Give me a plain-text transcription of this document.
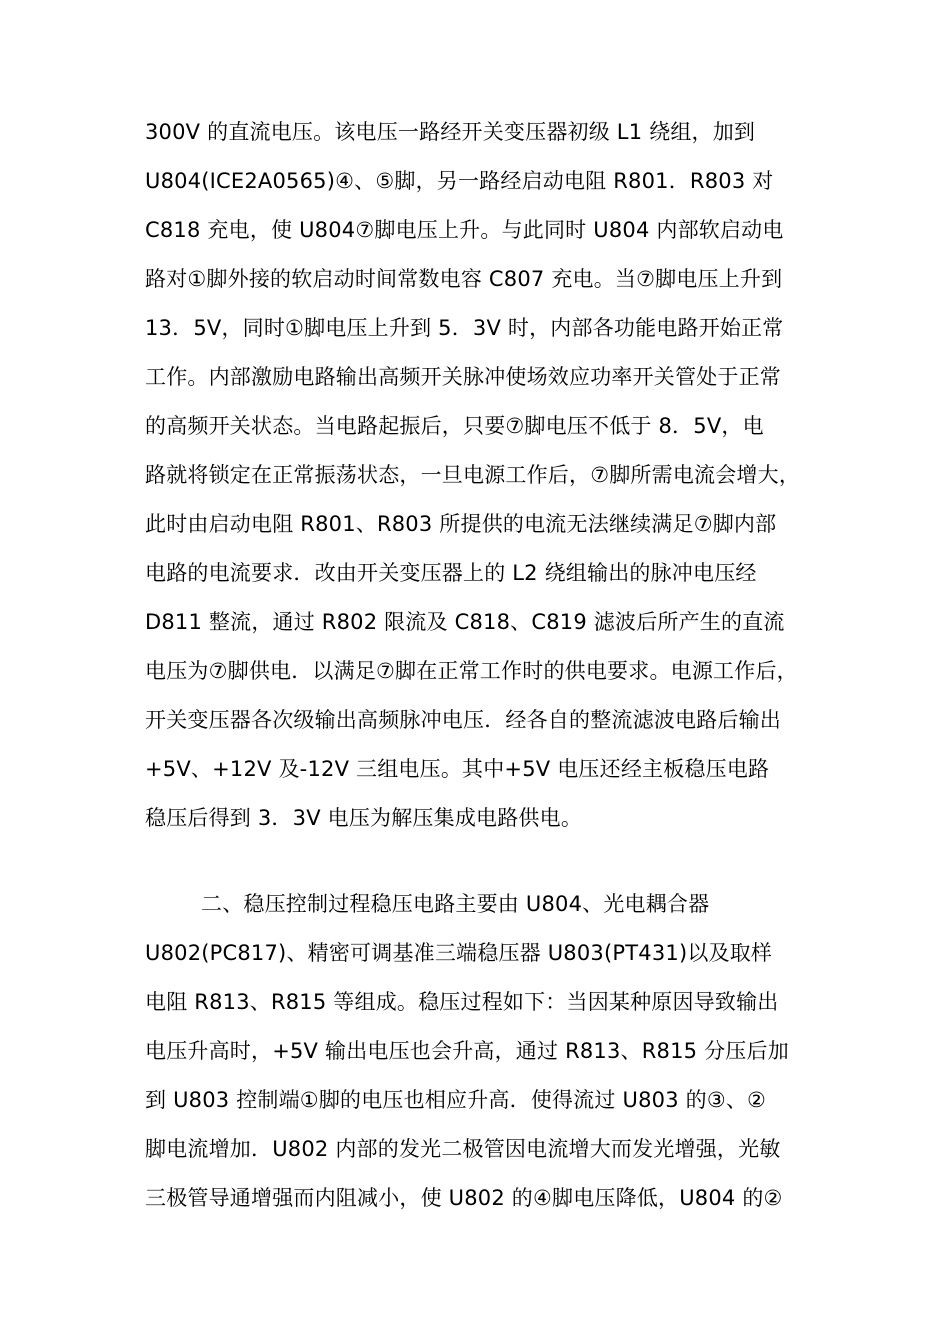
300V 的直流电压。该电压一路经开关变压器初级 L1 绕组，加到
U804(ICE2A0565)④、⑤脚，另一路经启动电阻 R801．R803 对
C818 充电，使 U804⑦脚电压上升。与此同时 U804 内部软启动电
路对①脚外接的软启动时间常数电容 C807 充电。当⑦脚电压上升到
13．5V，同时①脚电压上升到 5．3V 时，内部各功能电路开始正常
工作。内部激励电路输出高频开关脉冲使场效应功率开关管处于正常
的高频开关状态。当电路起振后，只要⑦脚电压不低于 8．5V，电
路就将锁定在正常振荡状态，一旦电源工作后，⑦脚所需电流会增大，
此时由启动电阻 R801、R803 所提供的电流无法继续满足⑦脚内部
电路的电流要求．改由开关变压器上的 L2 绕组输出的脉冲电压经
D811 整流，通过 R802 限流及 C818、C819 滤波后所产生的直流
电压为⑦脚供电．以满足⑦脚在正常工作时的供电要求。电源工作后，
开关变压器各次级输出高频脉冲电压．经各自的整流滤波电路后输出
+5V、+12V 及-12V 三组电压。其中+5V 电压还经主板稳压电路
稳压后得到 3．3V 电压为解压集成电路供电。
二、稳压控制过程稳压电路主要由 U804、光电耦合器
U802(PC817)、精密可调基准三端稳压器 U803(PT431)以及取样
电阻 R813、R815 等组成。稳压过程如下：当因某种原因导致输出
电压升高时，+5V 输出电压也会升高，通过 R813、R815 分压后加
到 U803 控制端①脚的电压也相应升高．使得流过 U803 的③、②
脚电流增加．U802 内部的发光二极管因电流增大而发光增强，光敏
三极管导通增强而内阻减小，使 U802 的④脚电压降低，U804 的②
